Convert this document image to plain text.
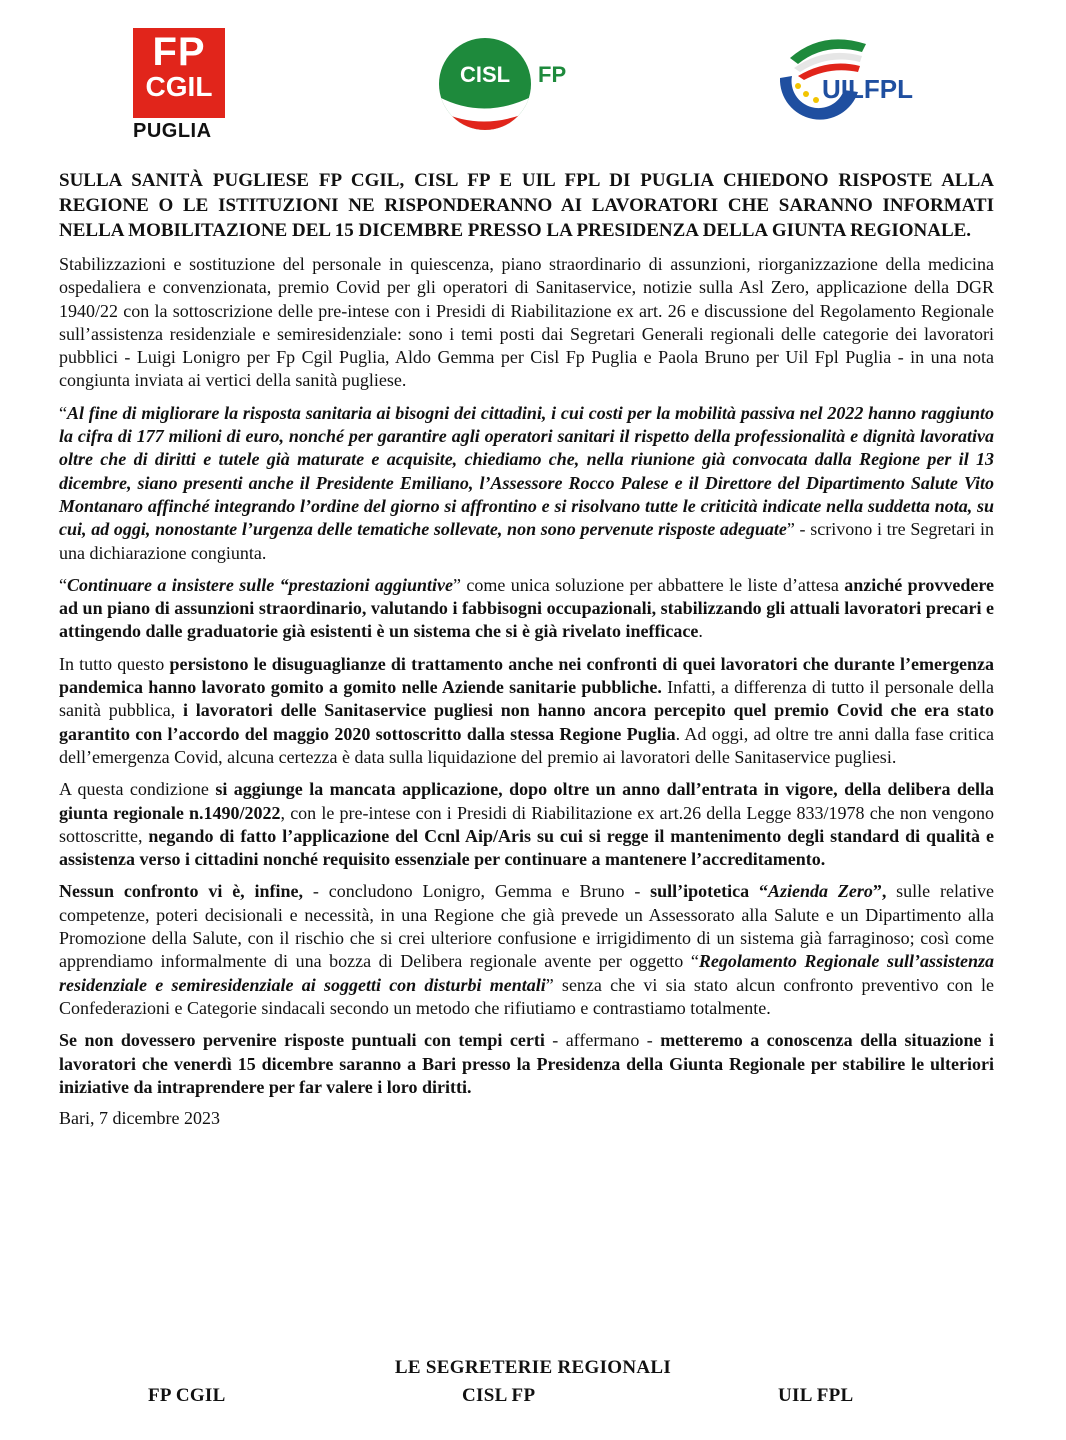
FP
CGIL
PUGLIA
CISL FP	UILFPL
SULLA SANITÀ PUGLIESE FP CGIL, CISL FP E UIL FPL DI PUGLIA CHIEDONO RISPOSTE ALLA REGIONE O LE ISTITUZIONI NE RISPONDERANNO AI LAVORATORI CHE SARANNO INFORMATI NELLA MOBILITAZIONE DEL 15 DICEMBRE PRESSO LA PRESIDENZA DELLA GIUNTA REGIONALE.

Stabilizzazioni e sostituzione del personale in quiescenza, piano straordinario di assunzioni, riorganizzazione della medicina ospedaliera e convenzionata, premio Covid per gli operatori di Sanitaservice, notizie sulla Asl Zero, applicazione della DGR 1940/22 con la sottoscrizione delle pre-intese con i Presidi di Riabilitazione ex art. 26 e discussione del Regolamento Regionale sull’assistenza residenziale e semiresidenziale: sono i temi posti dai Segretari Generali regionali delle categorie dei lavoratori pubblici - Luigi Lonigro per Fp Cgil Puglia, Aldo Gemma per Cisl Fp Puglia e Paola Bruno per Uil Fpl Puglia - in una nota congiunta inviata ai vertici della sanità pugliese.

“Al fine di migliorare la risposta sanitaria ai bisogni dei cittadini, i cui costi per la mobilità passiva nel 2022 hanno raggiunto la cifra di 177 milioni di euro, nonché per garantire agli operatori sanitari il rispetto della professionalità e dignità lavorativa oltre che di diritti e tutele già maturate e acquisite, chiediamo che, nella riunione già convocata dalla Regione per il 13 dicembre, siano presenti anche il Presidente Emiliano, l’Assessore Rocco Palese e il Direttore del Dipartimento Salute Vito Montanaro affinché integrando l’ordine del giorno si affrontino e si risolvano tutte le criticità indicate nella suddetta nota, su cui, ad oggi, nonostante l’urgenza delle tematiche sollevate, non sono pervenute risposte adeguate” - scrivono i tre Segretari in una dichiarazione congiunta.

“Continuare a insistere sulle “prestazioni aggiuntive” come unica soluzione per abbattere le liste d’attesa anziché provvedere ad un piano di assunzioni straordinario, valutando i fabbisogni occupazionali, stabilizzando gli attuali lavoratori precari e attingendo dalle graduatorie già esistenti è un sistema che si è già rivelato inefficace.

In tutto questo persistono le disuguaglianze di trattamento anche nei confronti di quei lavoratori che durante l’emergenza pandemica hanno lavorato gomito a gomito nelle Aziende sanitarie pubbliche. Infatti, a differenza di tutto il personale della sanità pubblica, i lavoratori delle Sanitaservice pugliesi non hanno ancora percepito quel premio Covid che era stato garantito con l’accordo del maggio 2020 sottoscritto dalla stessa Regione Puglia. Ad oggi, ad oltre tre anni dalla fase critica dell’emergenza Covid, alcuna certezza è data sulla liquidazione del premio ai lavoratori delle Sanitaservice pugliesi.

A questa condizione si aggiunge la mancata applicazione, dopo oltre un anno dall’entrata in vigore, della delibera della giunta regionale n.1490/2022, con le pre-intese con i Presidi di Riabilitazione ex art.26 della Legge 833/1978 che non vengono sottoscritte, negando di fatto l’applicazione del Ccnl Aip/Aris su cui si regge il mantenimento degli standard di qualità e assistenza verso i cittadini nonché requisito essenziale per continuare a mantenere l’accreditamento.

Nessun confronto vi è, infine, - concludono Lonigro, Gemma e Bruno - sull’ipotetica “Azienda Zero”, sulle relative competenze, poteri decisionali e necessità, in una Regione che già prevede un Assessorato alla Salute e un Dipartimento alla Promozione della Salute, con il rischio che si crei ulteriore confusione e irrigidimento di un sistema già farraginoso; così come apprendiamo informalmente di una bozza di Delibera regionale avente per oggetto “Regolamento Regionale sull’assistenza residenziale e semiresidenziale ai soggetti con disturbi mentali” senza che vi sia stato alcun confronto preventivo con le Confederazioni e Categorie sindacali secondo un metodo che rifiutiamo e contrastiamo totalmente.

Se non dovessero pervenire risposte puntuali con tempi certi - affermano - metteremo a conoscenza della situazione i lavoratori che venerdì 15 dicembre saranno a Bari presso la Presidenza della Giunta Regionale per stabilire le ulteriori iniziative da intraprendere per far valere i loro diritti.

Bari, 7 dicembre 2023

LE SEGRETERIE REGIONALI
FP CGIL	CISL FP	UIL FPL
